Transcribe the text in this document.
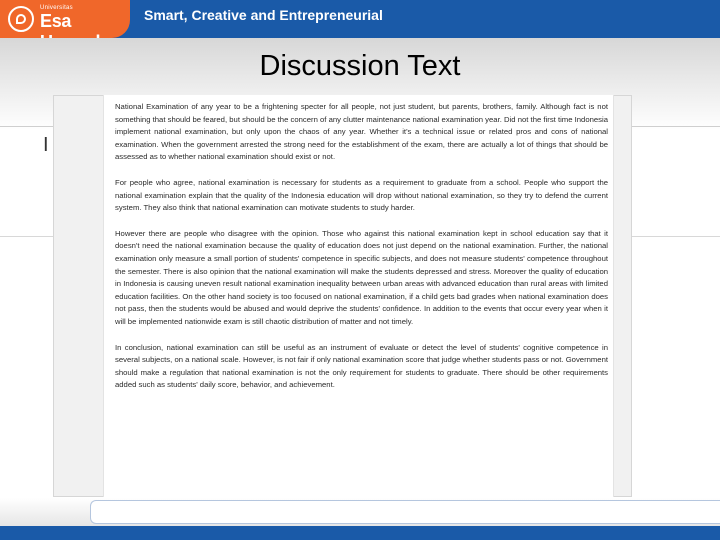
Universitas
Esa	Smart, Creative and Entrepreneurial
I
Discussion Text

National Examination of any year to be a frightening specter for all people, not just student, but parents, brothers, family. Although fact is not something that should be feared, but should be the concern of any clutter maintenance national examination year. Did not the first time Indonesia implement national examination, but only upon the chaos of any year. Whether it's a technical issue or related pros and cons of national examination. When the government arrested the strong need for the establishment of the exam, there are actually a lot of things that should be assessed as to whether national examination should exist or not.

For people who agree, national examination is necessary for students as a requirement to graduate from a school. People who support the national examination explain that the quality of the Indonesia education will drop without national examination, so they try to defend the current system. They also think that national examination can motivate students to study harder.

However there are people who disagree with the opinion. Those who against this national examination kept in school education say that it doesn't need the national examination because the quality of education does not just depend on the national examination. Further, the national examination only measure a small portion of students' competence in specific subjects, and does not measure students' competence throughout the semester. There is also opinion that the national examination will make the students depressed and stress. Moreover the quality of education in Indonesia is causing uneven result national examination inequality between urban areas with advanced education than rural areas with limited education facilities. On the other hand society is too focused on national examination, if a child gets bad grades when national examination does not pass, then the students would be abused and would deprive the students' confidence. In addition to the events that occur every year when it will be implemented nationwide exam is still chaotic distribution of matter and not timely.

In conclusion, national examination can still be useful as an instrument of evaluate or detect the level of students' cognitive competence in several subjects, on a national scale. However, is not fair if only national examination score that judge whether students pass or not. Government should make a regulation that national examination is not the only requirement for students to graduate. There should be other requirements added such as students' daily score, behavior, and achievement.
